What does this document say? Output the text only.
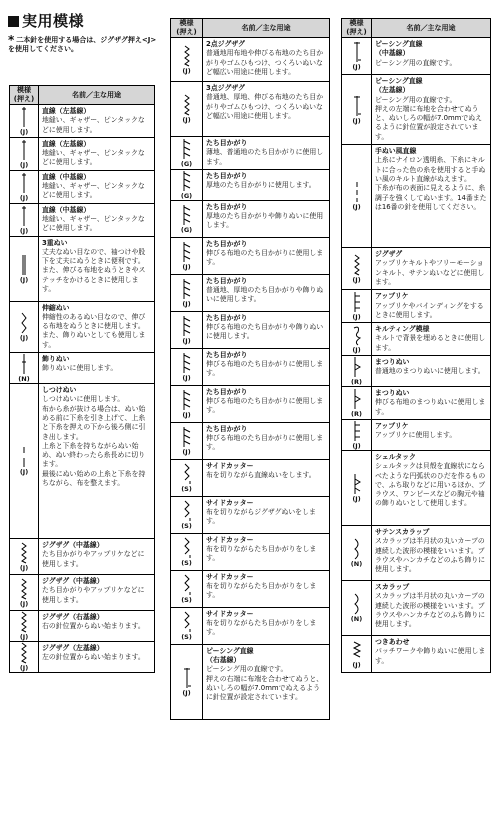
実用模様
* 二本針を使用する場合は、ジグザグ押え<J>を使用してください。
模様
(押え)	名前／主な用途

(J)	直線（左基線）
地縫い、ギャザー、ピンタックなどに使用します。

(J)	直線（左基線）
地縫い、ギャザー、ピンタックなどに使用します。

(J)	直線（中基線）
地縫い、ギャザー、ピンタックなどに使用します。

(J)	直線（中基線）
地縫い、ギャザー、ピンタックなどに使用します。

(J)	3重ぬい
丈夫なぬい目なので、袖つけや股下を丈夫にぬうときに便利です。
また、伸びる布地をぬうときやステッチをかけるときに使用します。

(J)	伸縮ぬい
伸縮性のあるぬい目なので、伸びる布地をぬうときに使用します。また、飾りぬいとしても使用します。

(N)	飾りぬい
飾りぬいに使用します。

(J)	しつけぬい
しつけぬいに使用します。
布から糸が抜ける場合は、ぬい始める前に下糸を引き上げて、上糸と下糸を押えの下から後ろ側に引き出します。
上糸と下糸を持ちながらぬい始め、ぬい終わったら糸長めに切ります。
最後にぬい始めの上糸と下糸を持ちながら、布を整えます。

(J)	ジグザグ（中基線）
たち目かがりやアップリケなどに使用します。

(J)	ジグザグ（中基線）
たち目かがりやアップリケなどに使用します。

(J)	ジグザグ（右基線）
右の針位置からぬい始まります。

(J)	ジグザグ（左基線）
左の針位置からぬい始まります。
模様
(押え)	名前／主な用途

(J)	2点ジグザグ
普通地用布地や伸びる布地のたち目かがりやゴムひもつけ、つくろいぬいなど幅広い用途に使用します。

(J)	3点ジグザグ
普通地、厚地、伸びる布地のたち目かがりやゴムひもつけ、つくろいぬいなど幅広い用途に使用します。

(G)	たち目かがり
薄地、普通地のたち目かがりに使用します。

(G)	たち目かがり
厚地のたち目かがりに使用します。

(G)	たち目かがり
厚地のたち目かがりや飾りぬいに使用します。

(J)	たち目かがり
伸びる布地のたち目かがりに使用します。

(J)	たち目かがり
普通地、厚地のたち目かがりや飾りぬいに使用します。

(J)	たち目かがり
伸びる布地のたち目かがりや飾りぬいに使用します。

(J)	たち目かがり
伸びる布地のたち目かがりに使用します。

(J)	たち目かがり
伸びる布地のたち目かがりに使用します。

(J)	たち目かがり
伸びる布地のたち目かがりに使用します。

(S)	サイドカッター
布を切りながら直線ぬいをします。

(S)	サイドカッター
布を切りながらジグザグぬいをします。

(S)	サイドカッター
布を切りながらたち目かがりをします。

(S)	サイドカッター
布を切りながらたち目かがりをします。

(S)	サイドカッター
布を切りながらたち目かがりをします。

(J)	ピーシング直線
（右基線）
ピーシング用の直線です。
押えの右端に布端を合わせてぬうと、ぬいしろの幅が7.0mmでぬえるように針位置が設定されています。
模様
(押え)	名前／主な用途

(J)	ピーシング直線
（中基線）
ピーシング用の直線です。

(J)	ピーシング直線
（左基線）
ピーシング用の直線です。
押えの左端に布地を合わせてぬうと、ぬいしろの幅が7.0mmでぬえるように針位置が設定されています。

(J)	手ぬい風直線
上糸にナイロン透明糸、下糸にキルトに合った色の糸を使用すると手ぬい風のキルト直線がぬえます。
下糸が布の表面に見えるように、糸調子を強くしてぬいます。14番または16番の針を使用してください。

(J)	ジグザグ
アップリケキルトやフリーモーションキルト、サテンぬいなどに使用します。

(J)	アップリケ
アップリケやバインディングをするときに使用します。

(J)	キルティング模様
キルトで背景を埋めるときに使用します。

(R)	まつりぬい
普通地のまつりぬいに使用します。

(R)	まつりぬい
伸びる布地のまつりぬいに使用します。

(J)	アップリケ
アップリケに使用します。

(J)	シェルタック
シェルタックは貝殻を直線状にならべたような円弧状のひだを作るもので、ふち取りなどに用いるほか、ブラウス、ワンピースなどの胸元や袖の飾りぬいとして使用します。

(N)	サテンスカラップ
スカラップは半月状の丸いカーブの連続した波形の模様をいいます。ブラウスやハンカチなどのふち飾りに使用します。

(N)	スカラップ
スカラップは半月状の丸いカーブの連続した波形の模様をいいます。ブラウスやハンカチなどのふち飾りに使用します。

(J)	つきあわせ
パッチワークや飾りぬいに使用します。
